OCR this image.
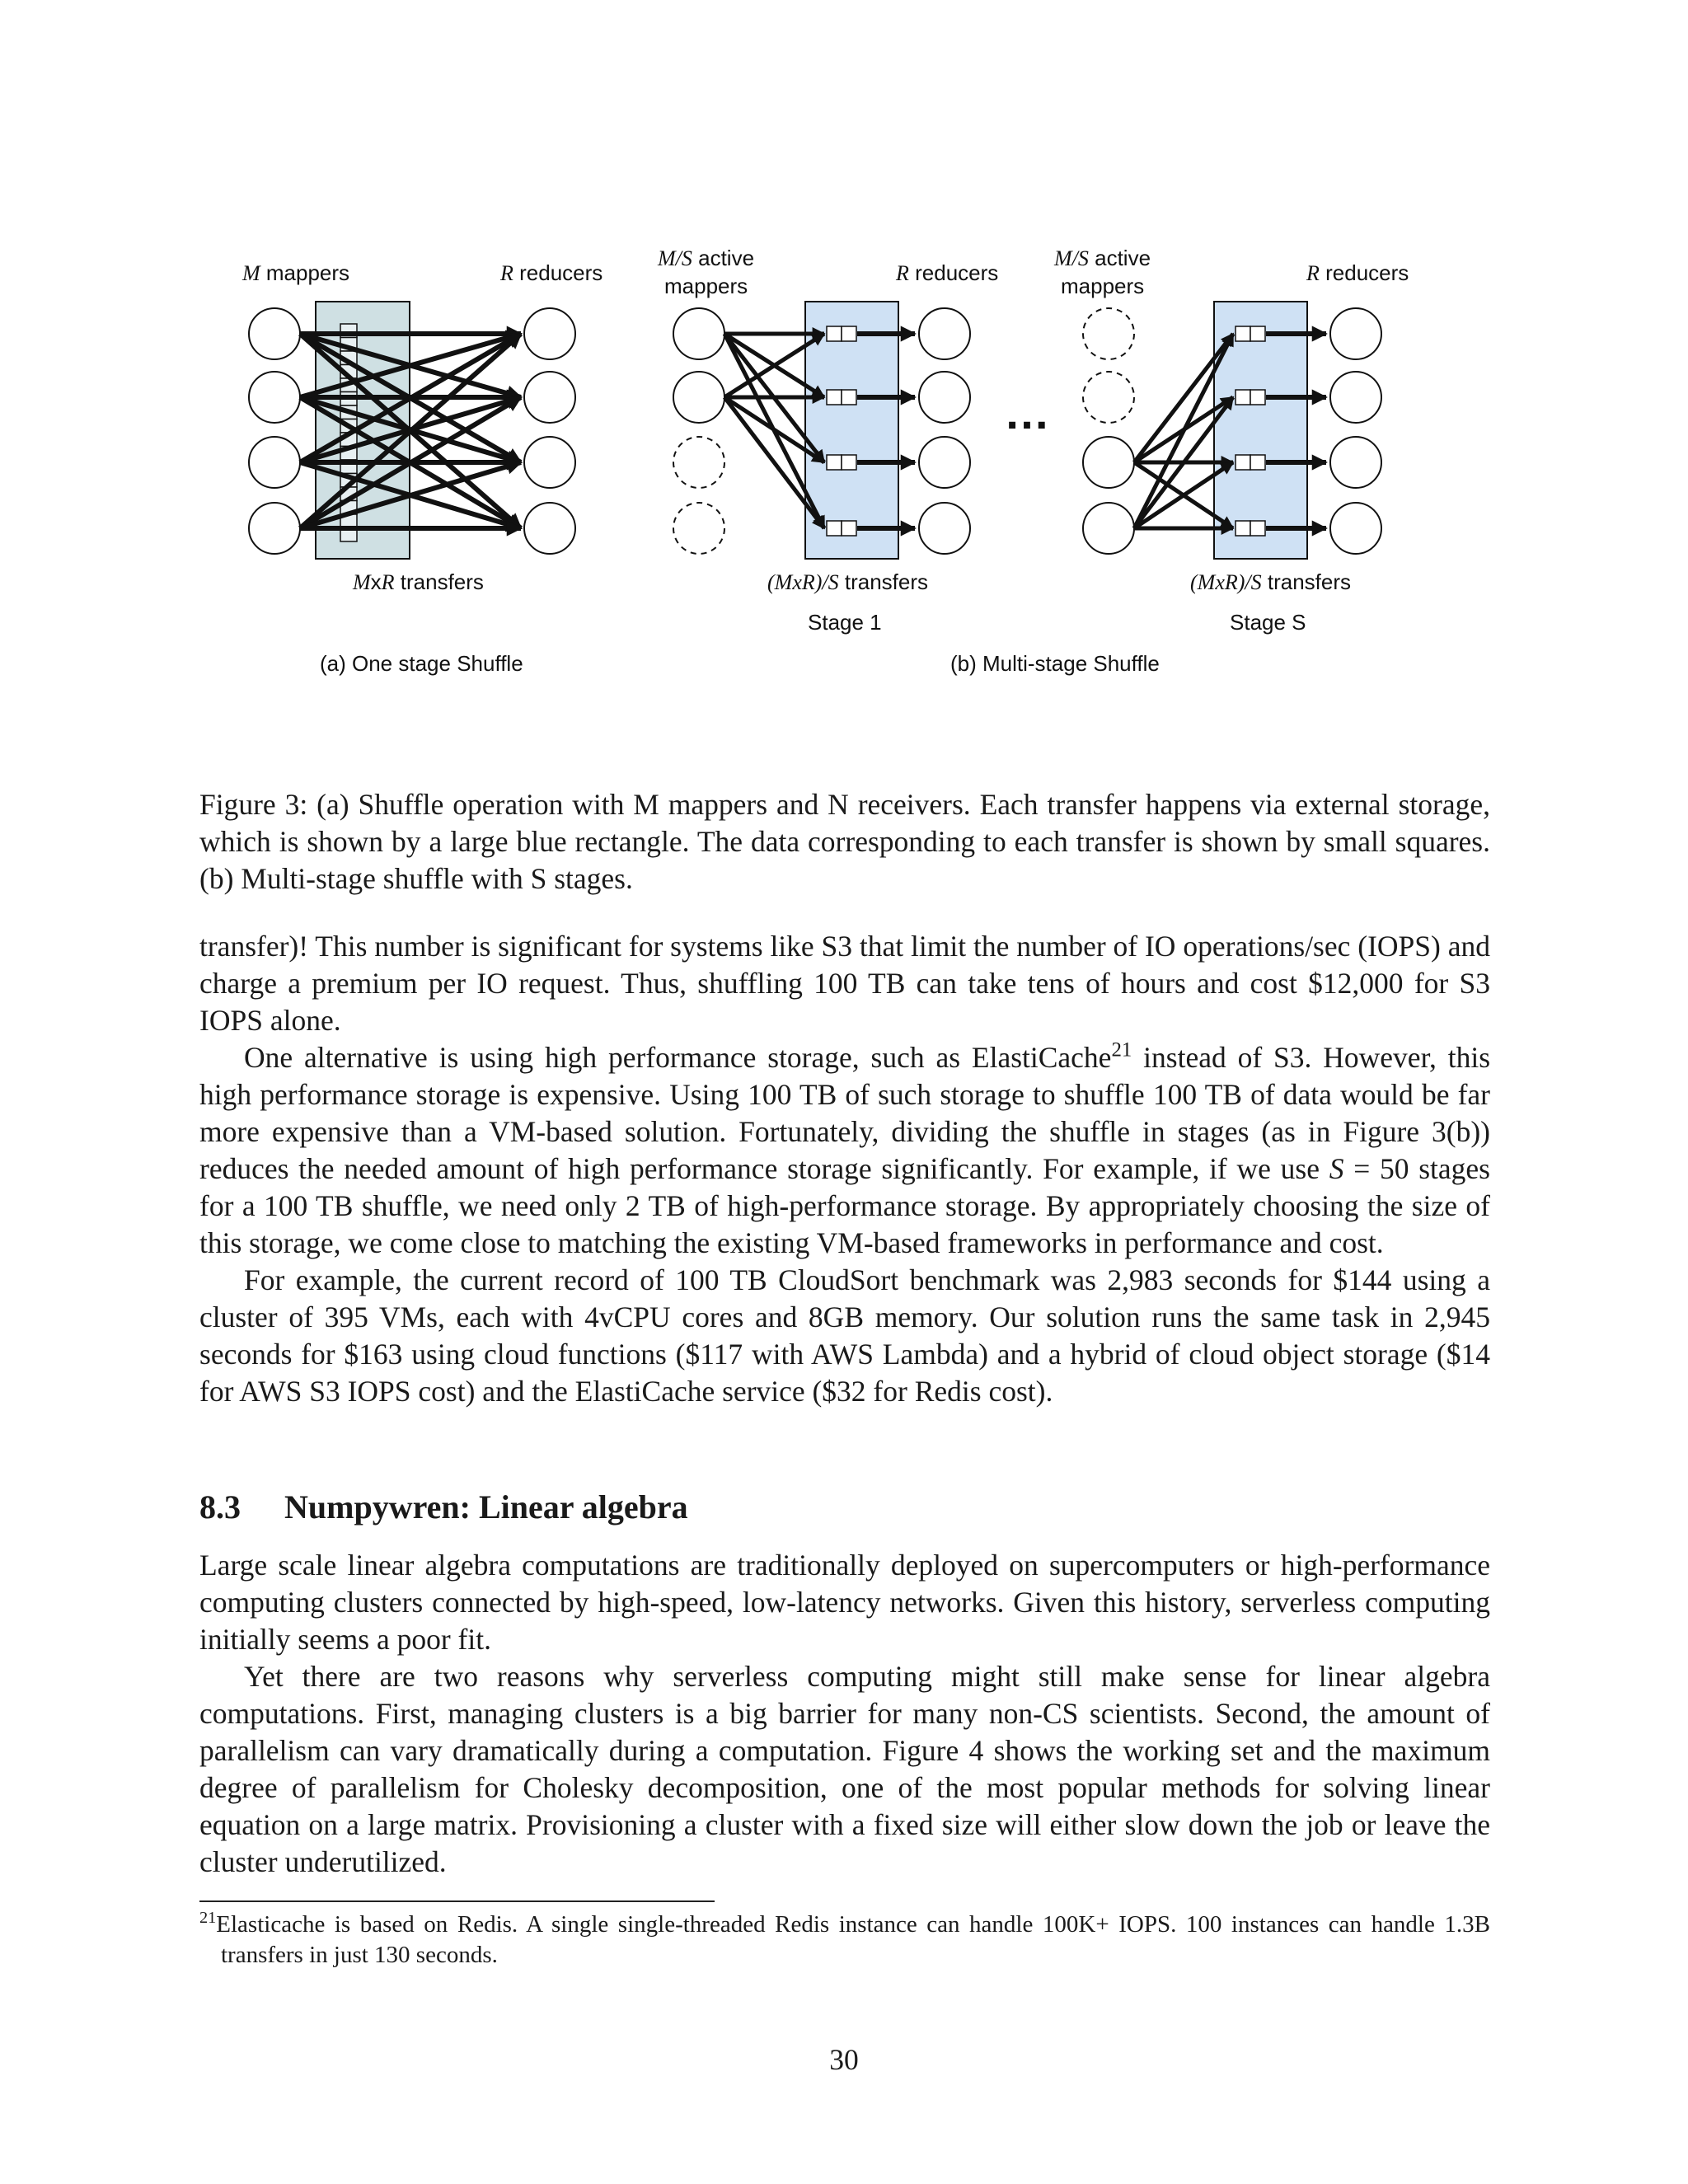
M mappers	R reducers
MxR transfers
(a) One stage Shuffle
M/S active
mappers
R reducers
M/S active
mappers
R reducers
…
(MxR)/S transfers
Stage 1
(MxR)/S transfers
Stage S
(b) Multi-stage Shuffle

Figure 3: (a) Shuffle operation with M mappers and N receivers. Each transfer happens via external storage, which is shown by a large blue rectangle. The data corresponding to each transfer is shown by small squares. (b) Multi-stage shuffle with S stages.

transfer)! This number is significant for systems like S3 that limit the number of IO operations/sec (IOPS) and charge a premium per IO request. Thus, shuffling 100 TB can take tens of hours and cost $12,000 for S3 IOPS alone.

One alternative is using high performance storage, such as ElastiCache$^{21}$ instead of S3. However, this high performance storage is expensive. Using 100 TB of such storage to shuffle 100 TB of data would be far more expensive than a VM-based solution. Fortunately, dividing the shuffle in stages (as in Figure 3(b)) reduces the needed amount of high performance storage significantly. For example, if we use S = 50 stages for a 100 TB shuffle, we need only 2 TB of high-performance storage. By appropriately choosing the size of this storage, we come close to matching the existing VM-based frameworks in performance and cost.

For example, the current record of 100 TB CloudSort benchmark was 2,983 seconds for $144 using a cluster of 395 VMs, each with 4vCPU cores and 8GB memory. Our solution runs the same task in 2,945 seconds for $163 using cloud functions ($117 with AWS Lambda) and a hybrid of cloud object storage ($14 for AWS S3 IOPS cost) and the ElastiCache service ($32 for Redis cost).

8.3 Numpywren: Linear algebra

Large scale linear algebra computations are traditionally deployed on supercomputers or high-performance computing clusters connected by high-speed, low-latency networks. Given this history, serverless computing initially seems a poor fit.

Yet there are two reasons why serverless computing might still make sense for linear algebra computations. First, managing clusters is a big barrier for many non-CS scientists. Second, the amount of parallelism can vary dramatically during a computation. Figure 4 shows the working set and the maximum degree of parallelism for Cholesky decomposition, one of the most popular methods for solving linear equation on a large matrix. Provisioning a cluster with a fixed size will either slow down the job or leave the cluster underutilized.

$^{21}$Elasticache is based on Redis. A single single-threaded Redis instance can handle 100K+ IOPS. 100 instances can handle 1.3B transfers in just 130 seconds.
30
